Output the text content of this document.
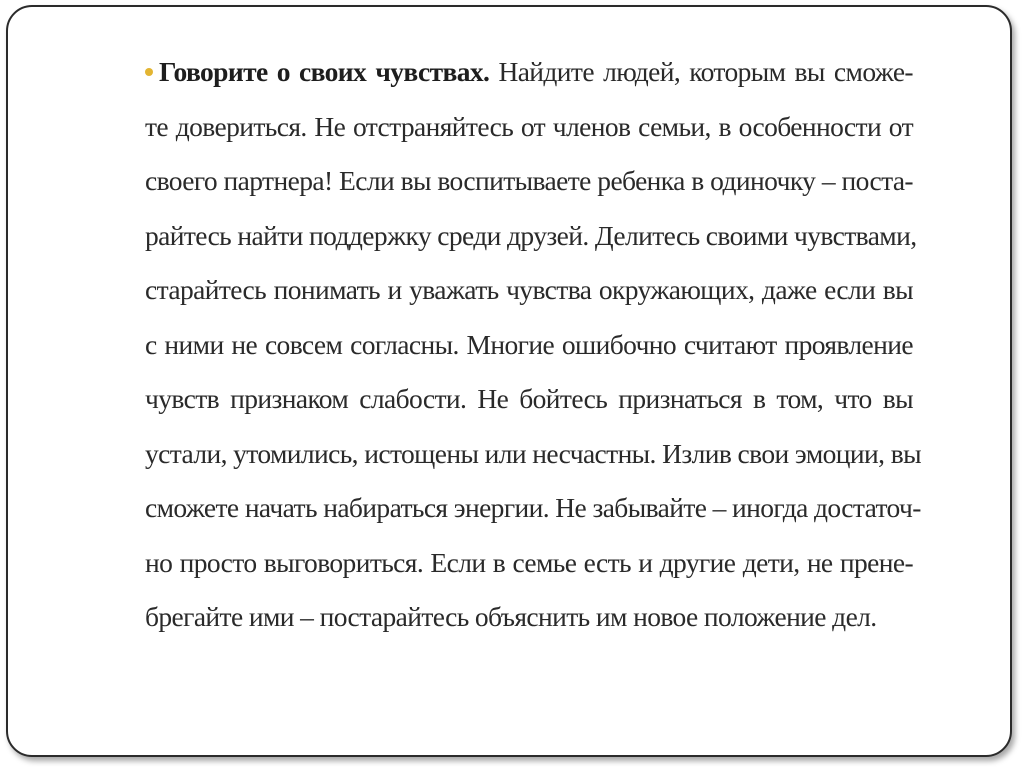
Говорите о своих чувствах. Найдите людей, которым вы сможе-
те довериться. Не отстраняйтесь от членов семьи, в особенности от
своего партнера! Если вы воспитываете ребенка в одиночку – поста-
райтесь найти поддержку среди друзей. Делитесь своими чувствами,
старайтесь понимать и уважать чувства окружающих, даже если вы
с ними не совсем согласны. Многие ошибочно считают проявление
чувств признаком слабости. Не бойтесь признаться в том, что вы
устали, утомились, истощены или несчастны. Излив свои эмоции, вы
сможете начать набираться энергии. Не забывайте – иногда достаточ-
но просто выговориться. Если в семье есть и другие дети, не прене-
брегайте ими – постарайтесь объяснить им новое положение дел.
